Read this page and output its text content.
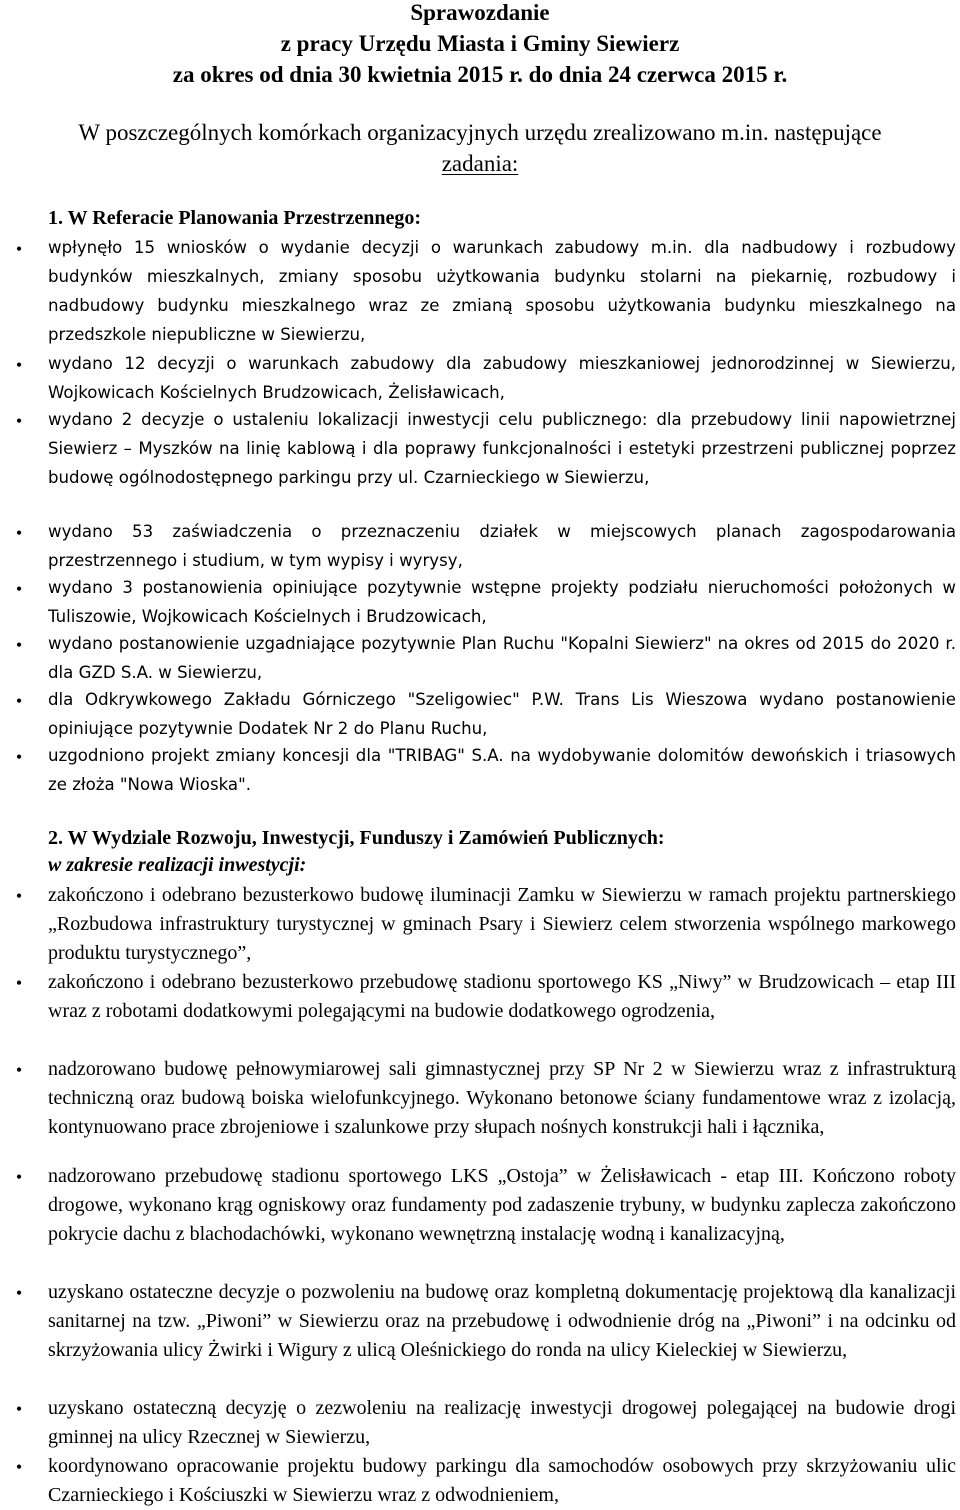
Sprawozdanie
z pracy Urzędu Miasta i Gminy Siewierz
za okres od dnia 30 kwietnia 2015 r. do dnia 24 czerwca 2015 r.
W poszczególnych komórkach organizacyjnych urzędu zrealizowano m.in. następujące
zadania:
1. W Referacie Planowania Przestrzennego:
•
wpłynęło 15 wniosków o wydanie decyzji o warunkach zabudowy m.in. dla nadbudowy i rozbudowy budynków mieszkalnych, zmiany sposobu użytkowania budynku stolarni na piekarnię, rozbudowy i nadbudowy budynku mieszkalnego wraz ze zmianą sposobu użytkowania budynku mieszkalnego na przedszkole niepubliczne w Siewierzu,
•
wydano 12 decyzji o warunkach zabudowy dla zabudowy mieszkaniowej jednorodzinnej w Siewierzu, Wojkowicach Kościelnych Brudzowicach, Żelisławicach,
•
wydano 2 decyzje o ustaleniu lokalizacji inwestycji celu publicznego: dla przebudowy linii napowietrznej Siewierz – Myszków na linię kablową i dla poprawy funkcjonalności i estetyki przestrzeni publicznej poprzez budowę ogólnodostępnego parkingu przy ul. Czarnieckiego w Siewierzu,
•
wydano 53 zaświadczenia o przeznaczeniu działek w miejscowych planach zagospodarowania przestrzennego i studium, w tym wypisy i wyrysy,
•
wydano 3 postanowienia opiniujące pozytywnie wstępne projekty podziału nieruchomości położonych w Tuliszowie, Wojkowicach Kościelnych i Brudzowicach,
•
wydano postanowienie uzgadniające pozytywnie Plan Ruchu "Kopalni Siewierz" na okres od 2015 do 2020 r. dla GZD S.A. w Siewierzu,
•
dla Odkrywkowego Zakładu Górniczego "Szeligowiec" P.W. Trans Lis Wieszowa wydano postanowienie opiniujące pozytywnie Dodatek Nr 2 do Planu Ruchu,
•
uzgodniono projekt zmiany koncesji dla "TRIBAG" S.A. na wydobywanie dolomitów dewońskich i triasowych ze złoża "Nowa Wioska".
2. W Wydziale Rozwoju, Inwestycji, Funduszy i Zamówień Publicznych:
w zakresie realizacji inwestycji:
•
zakończono i odebrano bezusterkowo budowę iluminacji Zamku w Siewierzu w ramach projektu partnerskiego „Rozbudowa infrastruktury turystycznej w gminach Psary i Siewierz celem stworzenia wspólnego markowego produktu turystycznego”,
•
zakończono i odebrano bezusterkowo przebudowę stadionu sportowego KS „Niwy” w Brudzowicach – etap III wraz z robotami dodatkowymi polegającymi na budowie dodatkowego ogrodzenia,
•
nadzorowano budowę pełnowymiarowej sali gimnastycznej przy SP Nr 2 w Siewierzu wraz z infrastrukturą techniczną oraz budową boiska wielofunkcyjnego. Wykonano betonowe ściany fundamentowe wraz z izolacją, kontynuowano prace zbrojeniowe i szalunkowe przy słupach nośnych konstrukcji hali i łącznika,
•
nadzorowano przebudowę stadionu sportowego LKS „Ostoja” w Żelisławicach - etap III. Kończono roboty drogowe, wykonano krąg ogniskowy oraz fundamenty pod zadaszenie trybuny, w budynku zaplecza zakończono pokrycie dachu z blachodachówki, wykonano wewnętrzną instalację wodną i kanalizacyjną,
•
uzyskano ostateczne decyzje o pozwoleniu na budowę oraz kompletną dokumentację projektową dla kanalizacji sanitarnej na tzw. „Piwoni” w Siewierzu oraz na przebudowę i odwodnienie dróg na „Piwoni” i na odcinku od skrzyżowania ulicy Żwirki i Wigury z ulicą Oleśnickiego do ronda na ulicy Kieleckiej w Siewierzu,
•
uzyskano ostateczną decyzję o zezwoleniu na realizację inwestycji drogowej polegającej na budowie drogi gminnej na ulicy Rzecznej w Siewierzu,
•
koordynowano opracowanie projektu budowy parkingu dla samochodów osobowych przy skrzyżowaniu ulic Czarnieckiego i Kościuszki w Siewierzu wraz z odwodnieniem,
